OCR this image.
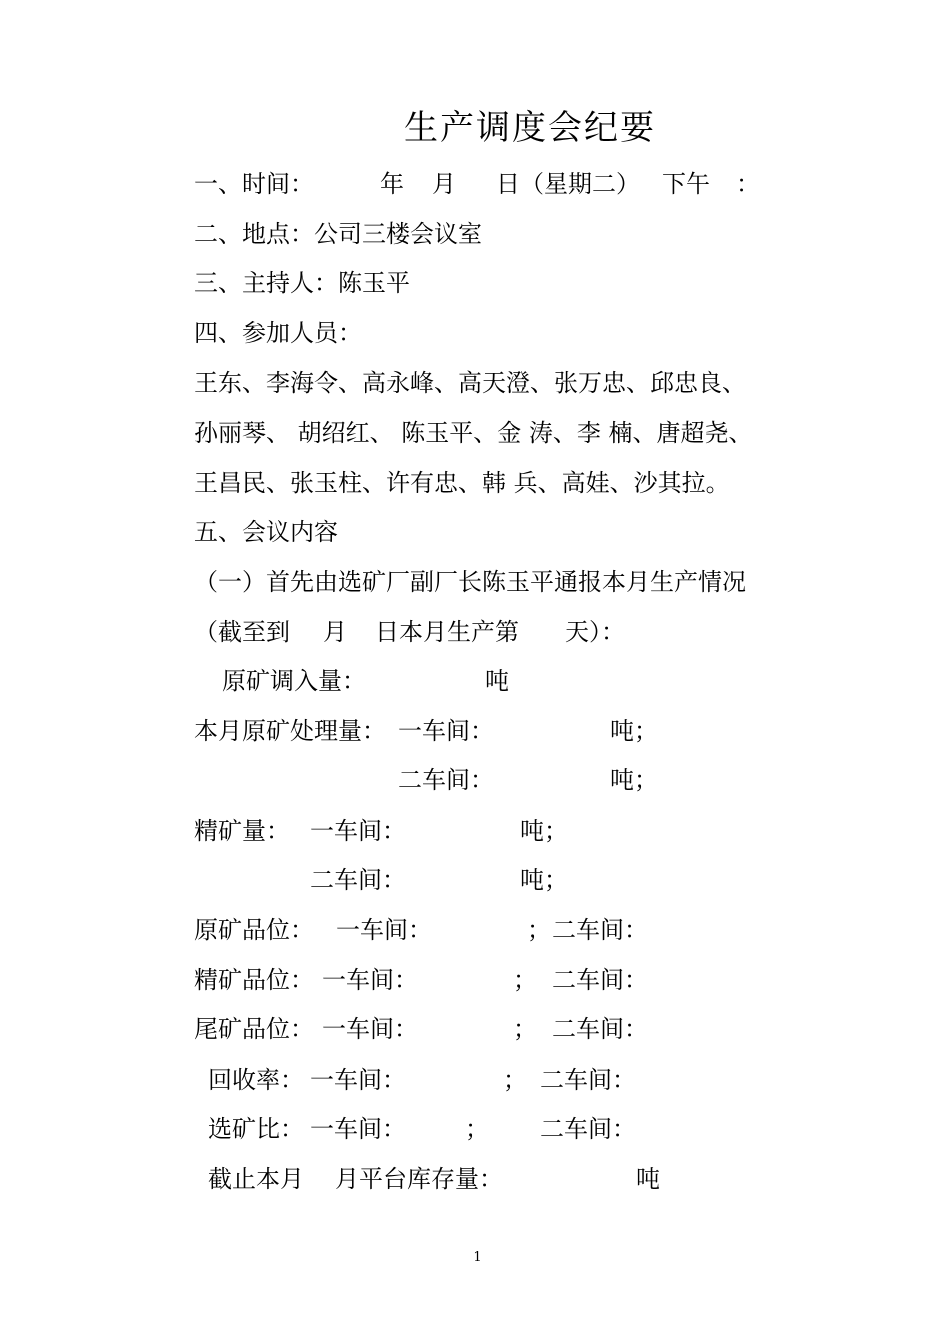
生产调度会纪要
一、时间：	年 月 日（星期二） 下午 ：
二、地点：公司三楼会议室
三、主持人：陈玉平
四、参加人员：
王东、李海令、高永峰、高天澄、张万忠、邱忠良、
孙丽琴、 胡绍红、 陈玉平、金 涛、李 楠、唐超尧、
王昌民、张玉柱、许有忠、韩 兵、高娃、沙其拉。
五、会议内容
（一）首先由选矿厂副厂长陈玉平通报本月生产情况
（截至到 月 日本月生产第 天）：
原矿调入量：	吨
本月原矿处理量： 一车间：	吨；
二车间：	吨；
精矿量： 一车间：	吨；
二车间：	吨；
原矿品位： 一车间：	； 二车间：
精矿品位： 一车间：	； 二车间：
尾矿品位： 一车间：	； 二车间：
回收率： 一车间：	； 二车间：
选矿比： 一车间： ； 二车间：
截止本月 月平台库存量：	吨
1
